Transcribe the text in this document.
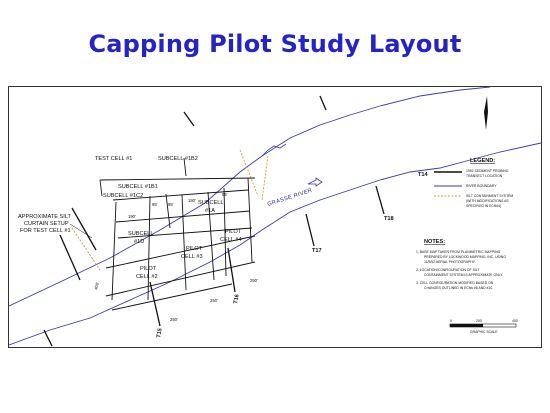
Capping Pilot Study Layout
TEST CELL #1	SUBCELL #1B2
SUBCELL #1B1
SUBCELL #1C2
SUBCELL
#1A
SUBCELL
#1D
PILOT
CELL #2
PILOT
CELL #3
PILOT
CELL #4
190'
95'	95'
190'
95'
400'
250'
250'
250'
T15
T16
T17
T18
GRASSE RIVER
APPROXIMATE SILT
CURTAIN SETUP
FOR TEST CELL #1
LEGEND:
T14
1992 SEDIMENT PROBING
TRANSECT LOCATION
RIVER BOUNDARY
SILT CONTAINMENT SYSTEM
(WITH MODIFICATIONS AS
SPECIFIED IN ECN#4)
NOTES:
1. BASE MAP TAKEN FROM PLANIMETRIC MAPPING
PREPARED BY LOCKWOOD MAPPING, INC. USING
11/5/92 AERIAL PHOTOGRAPHY.
2. LOCATION/CONFIGURATION OF SILT
CONTAINMENT SYSTEM IS APPROXIMATE ONLY.
3. CELL CONFIGURATION MODIFIED BASED ON
CHANGES OUTLINED IN ECNs #6 AND #10.
0	200'	400'
GRAPHIC SCALE
